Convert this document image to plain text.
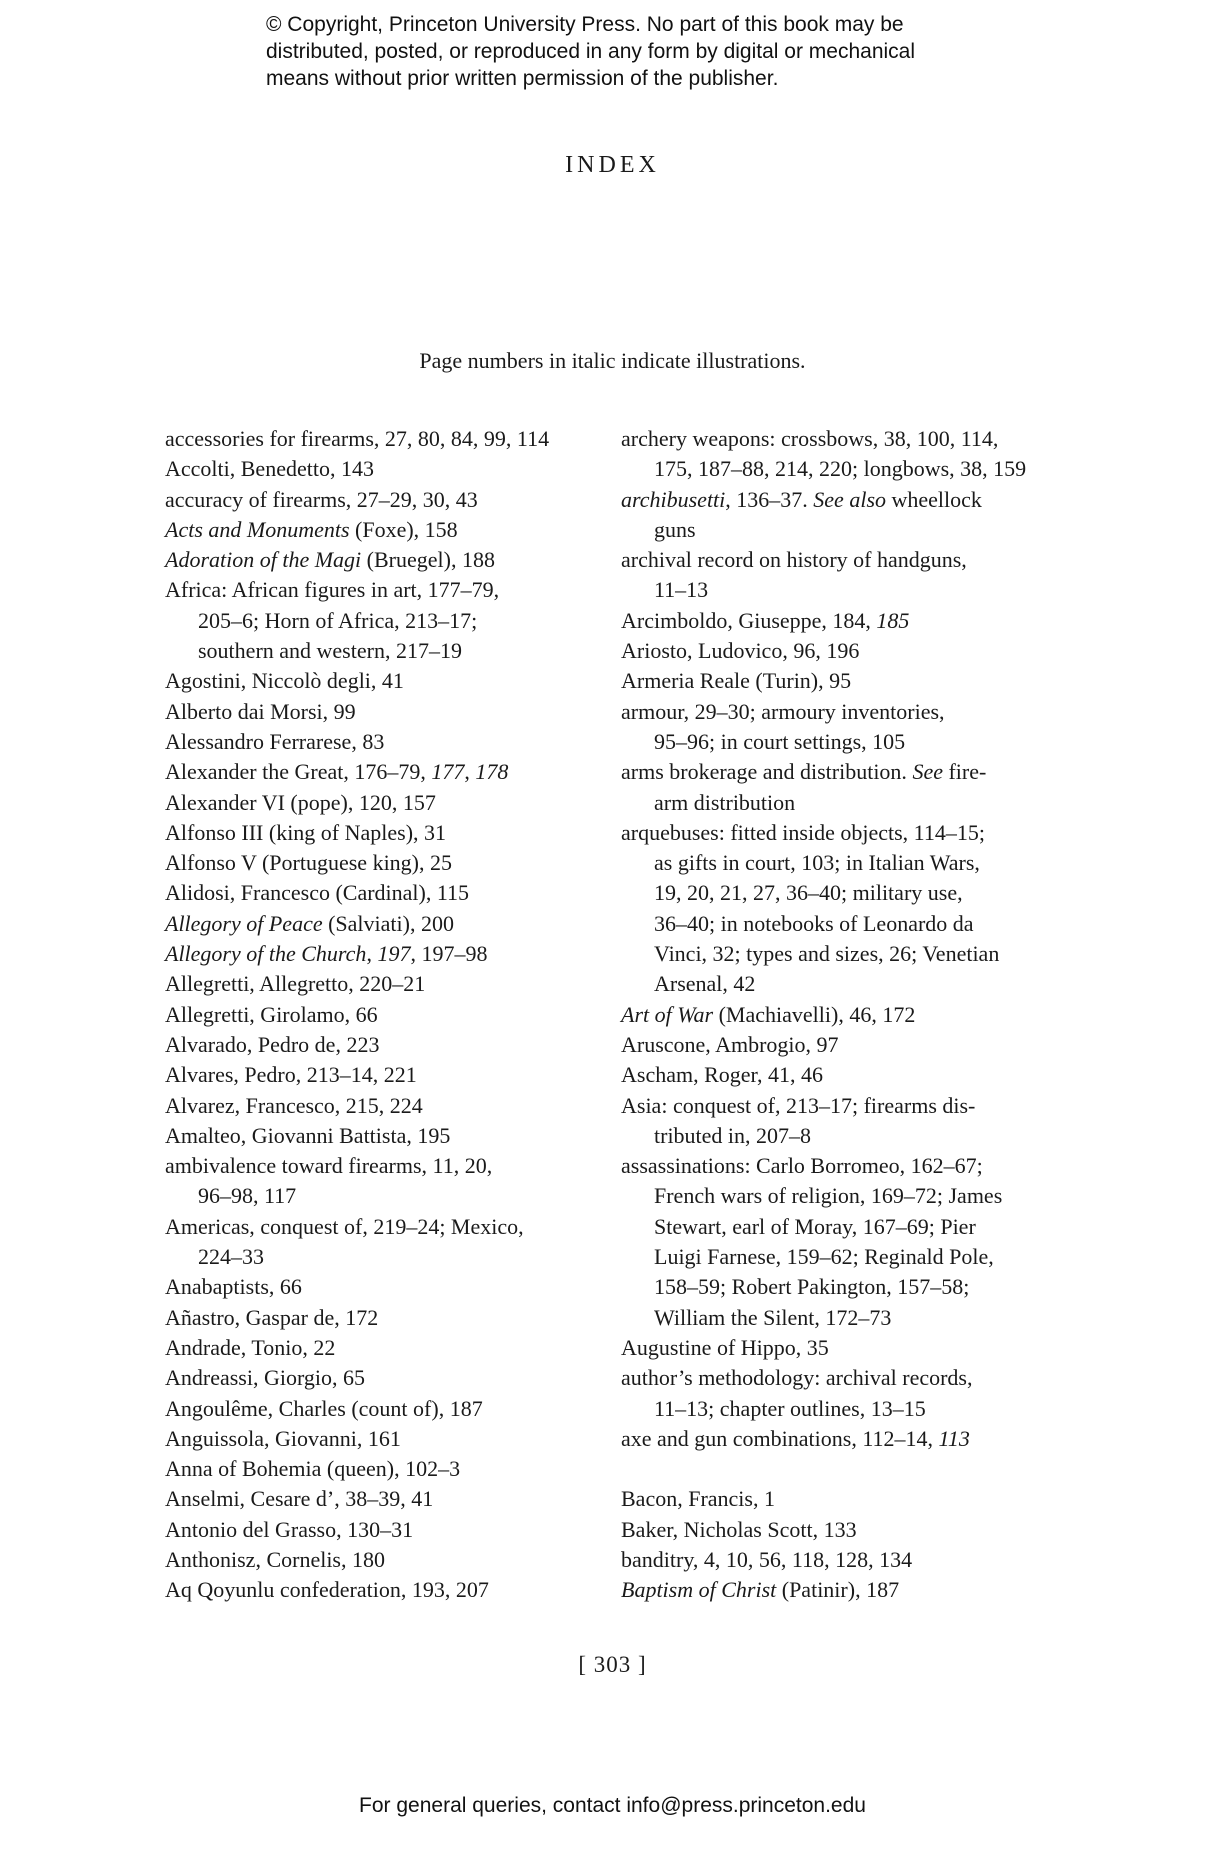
© Copyright, Princeton University Press. No part of this book may be
distributed, posted, or reproduced in any form by digital or mechanical
means without prior written permission of the publisher.
INDEX
Page numbers in italic indicate illustrations.
accessories for firearms, 27, 80, 84, 99, 114
Accolti, Benedetto, 143
accuracy of firearms, 27–29, 30, 43
Acts and Monuments (Foxe), 158
Adoration of the Magi (Bruegel), 188
Africa: African figures in art, 177–79,
205–6; Horn of Africa, 213–17;
southern and western, 217–19
Agostini, Niccolò degli, 41
Alberto dai Morsi, 99
Alessandro Ferrarese, 83
Alexander the Great, 176–79, 177, 178
Alexander VI (pope), 120, 157
Alfonso III (king of Naples), 31
Alfonso V (Portuguese king), 25
Alidosi, Francesco (Cardinal), 115
Allegory of Peace (Salviati), 200
Allegory of the Church, 197, 197–98
Allegretti, Allegretto, 220–21
Allegretti, Girolamo, 66
Alvarado, Pedro de, 223
Alvares, Pedro, 213–14, 221
Alvarez, Francesco, 215, 224
Amalteo, Giovanni Battista, 195
ambivalence toward firearms, 11, 20,
96–98, 117
Americas, conquest of, 219–24; Mexico,
224–33
Anabaptists, 66
Añastro, Gaspar de, 172
Andrade, Tonio, 22
Andreassi, Giorgio, 65
Angoulême, Charles (count of), 187
Anguissola, Giovanni, 161
Anna of Bohemia (queen), 102–3
Anselmi, Cesare d’, 38–39, 41
Antonio del Grasso, 130–31
Anthonisz, Cornelis, 180
Aq Qoyunlu confederation, 193, 207
archery weapons: crossbows, 38, 100, 114,
175, 187–88, 214, 220; longbows, 38, 159
archibusetti, 136–37. See also wheellock
guns
archival record on history of handguns,
11–13
Arcimboldo, Giuseppe, 184, 185
Ariosto, Ludovico, 96, 196
Armeria Reale (Turin), 95
armour, 29–30; armoury inventories,
95–96; in court settings, 105
arms brokerage and distribution. See fire-
arm distribution
arquebuses: fitted inside objects, 114–15;
as gifts in court, 103; in Italian Wars,
19, 20, 21, 27, 36–40; military use,
36–40; in notebooks of Leonardo da
Vinci, 32; types and sizes, 26; Venetian
Arsenal, 42
Art of War (Machiavelli), 46, 172
Aruscone, Ambrogio, 97
Ascham, Roger, 41, 46
Asia: conquest of, 213–17; firearms dis-
tributed in, 207–8
assassinations: Carlo Borromeo, 162–67;
French wars of religion, 169–72; James
Stewart, earl of Moray, 167–69; Pier
Luigi Farnese, 159–62; Reginald Pole,
158–59; Robert Pakington, 157–58;
William the Silent, 172–73
Augustine of Hippo, 35
author’s methodology: archival records,
11–13; chapter outlines, 13–15
axe and gun combinations, 112–14, 113
Bacon, Francis, 1
Baker, Nicholas Scott, 133
banditry, 4, 10, 56, 118, 128, 134
Baptism of Christ (Patinir), 187
[ 303 ]
For general queries, contact info@press.princeton.edu
